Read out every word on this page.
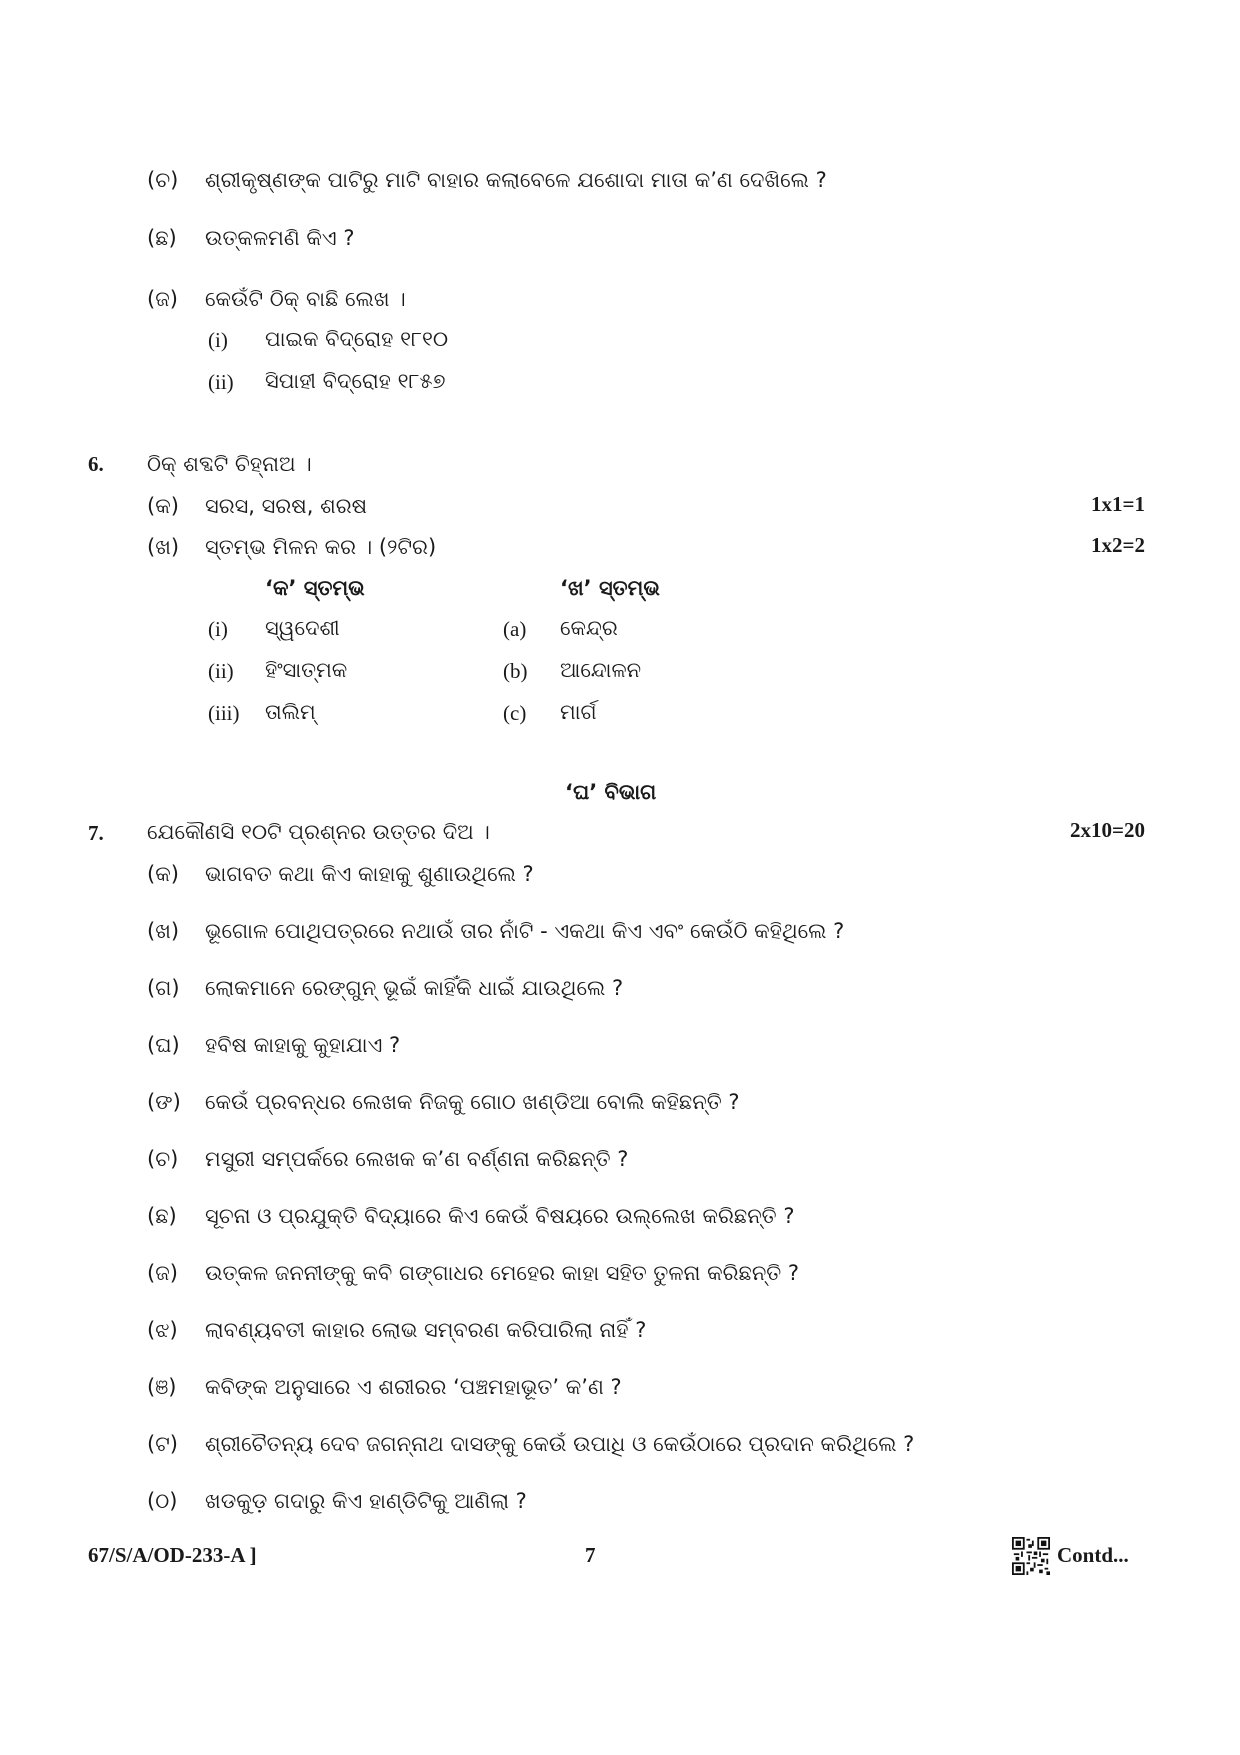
(ଚ) ଶ୍ରୀକୃଷ୍ଣଙ୍କ ପାଟିରୁ ମାଟି ବାହାର କଲାବେଳେ ଯଶୋଦା ମାତା କ’ଣ ଦେଖିଲେ ?
(ଛ) ଉତ୍କଳମଣି କିଏ ?
(ଜ) କେଉଁଟି ଠିକ୍ ବାଛି ଲେଖ ।
(i) ପାଇକ ବିଦ୍ରୋହ ୧୮୧୦
(ii) ସିପାହୀ ବିଦ୍ରୋହ ୧୮୫୭
6. ଠିକ୍ ଶବ୍ଦଟି ଚିହ୍ନାଅ ।
(କ) ସରସ, ସରଷ, ଶରଷ	1x1=1
(ଖ) ସ୍ତମ୍ଭ ମିଳନ କର । (୨ଟିର)	1x2=2
‘କ’ ସ୍ତମ୍ଭ	‘ଖ’ ସ୍ତମ୍ଭ
(i) ସ୍ୱଦେଶୀ	(a) କେନ୍ଦ୍ର
(ii) ହିଂସାତ୍ମକ	(b) ଆନ୍ଦୋଳନ
(iii) ତାଲିମ୍	(c) ମାର୍ଗ
‘ଘ’ ବିଭାଗ
7. ଯେକୌଣସି ୧୦ଟି ପ୍ରଶ୍ନର ଉତ୍ତର ଦିଅ ।	2x10=20
(କ) ଭାଗବତ କଥା କିଏ କାହାକୁ ଶୁଣାଉଥିଲେ ?
(ଖ) ଭୂଗୋଳ ପୋଥିପତ୍ରରେ ନଥାଉଁ ତାର ନାଁଟି - ଏକଥା କିଏ ଏବଂ କେଉଁଠି କହିଥିଲେ ?
(ଗ) ଲୋକମାନେ ରେଙ୍ଗୁନ୍ ଭୂଇଁ କାହିଁକି ଧାଇଁ ଯାଉଥିଲେ ?
(ଘ) ହବିଷ କାହାକୁ କୁହାଯାଏ ?
(ଙ) କେଉଁ ପ୍ରବନ୍ଧର ଲେଖକ ନିଜକୁ ଗୋଠ ଖଣ୍ଡିଆ ବୋଲି କହିଛନ୍ତି ?
(ଚ) ମସୁରୀ ସମ୍ପର୍କରେ ଲେଖକ କ’ଣ ବର୍ଣ୍ଣନା କରିଛନ୍ତି ?
(ଛ) ସୂଚନା ଓ ପ୍ରଯୁକ୍ତି ବିଦ୍ୟାରେ କିଏ କେଉଁ ବିଷୟରେ ଉଲ୍ଲେଖ କରିଛନ୍ତି ?
(ଜ) ଉତ୍କଳ ଜନନୀଙ୍କୁ କବି ଗଙ୍ଗାଧର ମେହେର କାହା ସହିତ ତୁଳନା କରିଛନ୍ତି ?
(ଝ) ଲାବଣ୍ୟବତୀ କାହାର ଲୋଭ ସମ୍ବରଣ କରିପାରିଲା ନାହିଁ ?
(ଞ) କବିଙ୍କ ଅନୁସାରେ ଏ ଶରୀରର ‘ପଞ୍ଚମହାଭୂତ’ କ’ଣ ?
(ଟ) ଶ୍ରୀଚୈତନ୍ୟ ଦେବ ଜଗନ୍ନାଥ ଦାସଙ୍କୁ କେଉଁ ଉପାଧି ଓ କେଉଁଠାରେ ପ୍ରଦାନ କରିଥିଲେ ?
(ଠ) ଖଡକୁଡ଼ ଗଦାରୁ କିଏ ହାଣ୍ଡିଟିକୁ ଆଣିଲା ?
67/S/A/OD-233-A ]	7	Contd...
